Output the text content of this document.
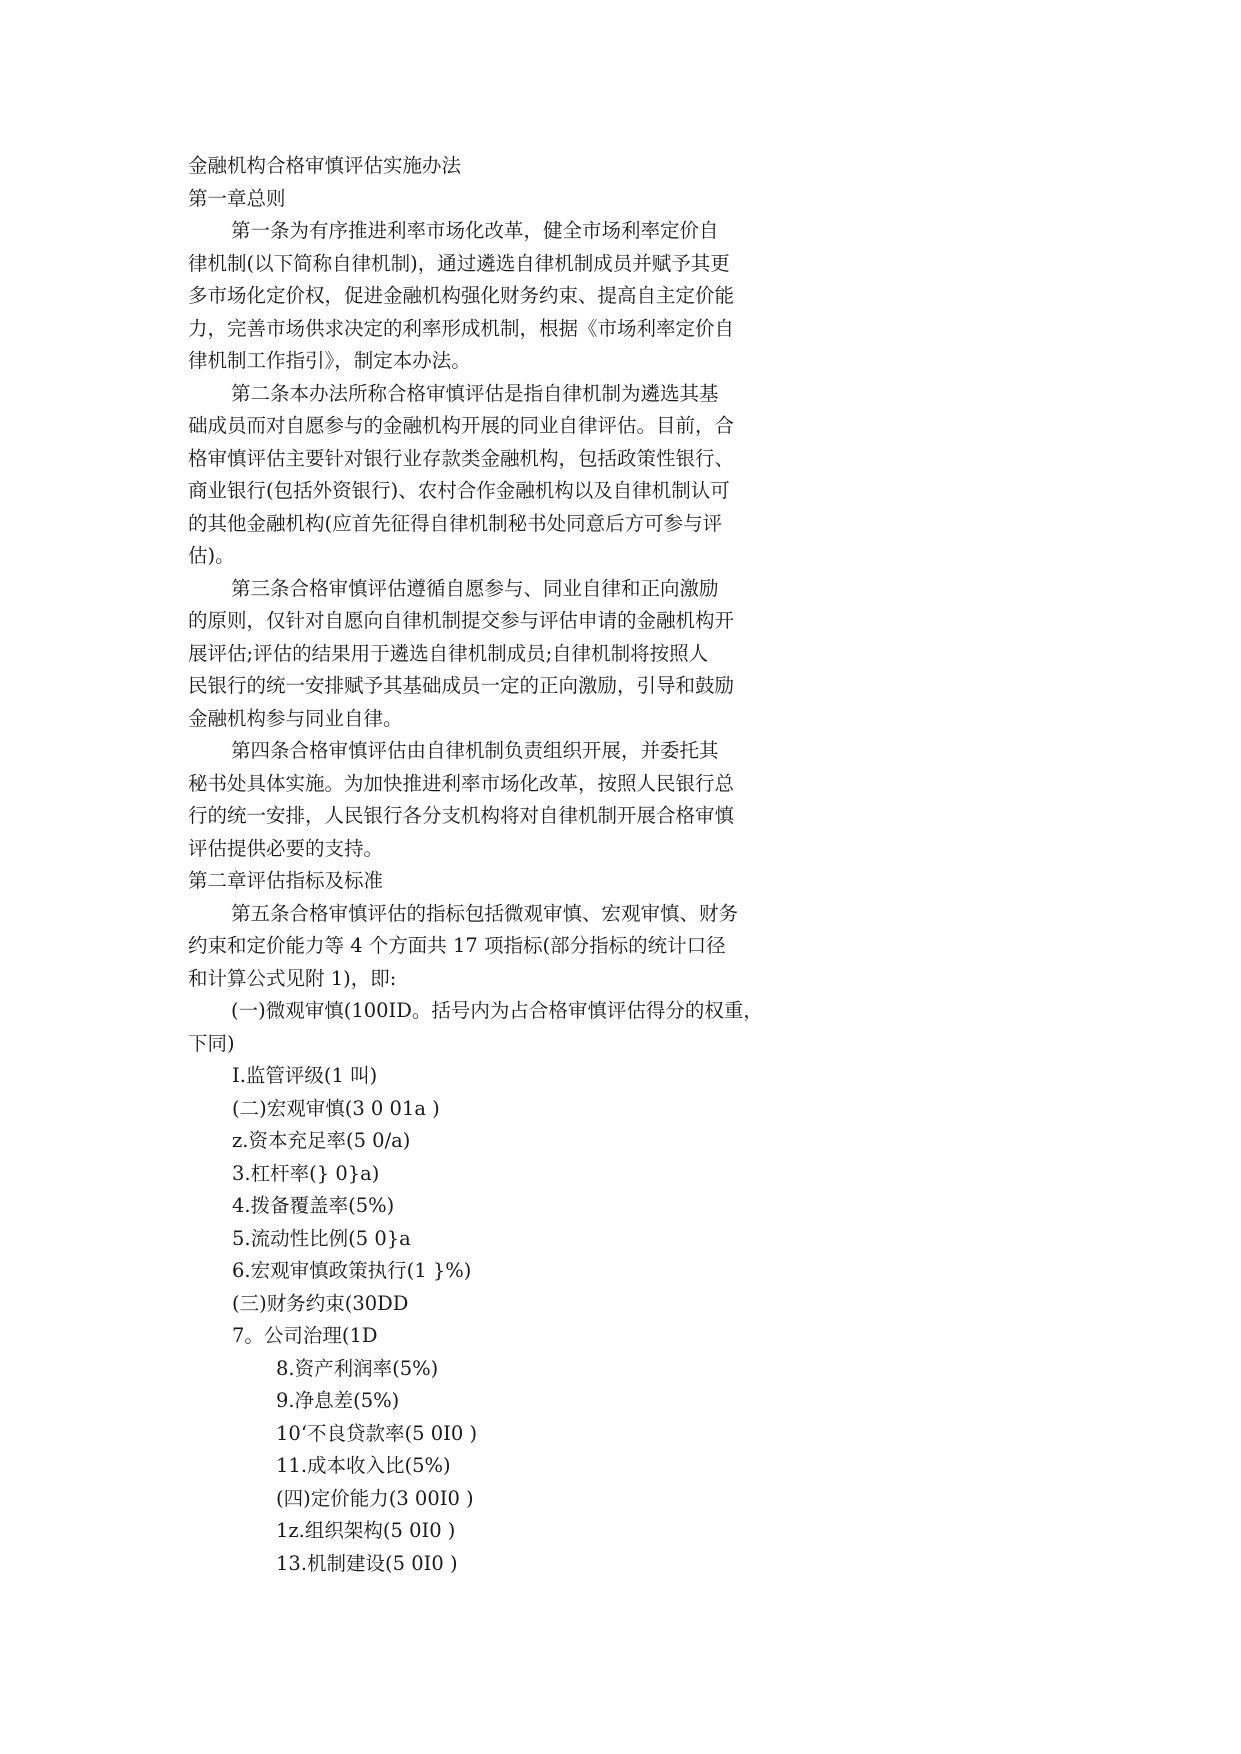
金融机构合格审慎评估实施办法
第一章总则
第一条为有序推进利率市场化改革，健全市场利率定价自
律机制(以下简称自律机制)，通过遴选自律机制成员并赋予其更
多市场化定价权，促进金融机构强化财务约束、提高自主定价能
力，完善市场供求决定的利率形成机制，根据《市场利率定价自
律机制工作指引》，制定本办法。
第二条本办法所称合格审慎评估是指自律机制为遴选其基
础成员而对自愿参与的金融机构开展的同业自律评估。目前，合
格审慎评估主要针对银行业存款类金融机构，包括政策性银行、
商业银行(包括外资银行)、农村合作金融机构以及自律机制认可
的其他金融机构(应首先征得自律机制秘书处同意后方可参与评
估)。
第三条合格审慎评估遵循自愿参与、同业自律和正向激励
的原则，仅针对自愿向自律机制提交参与评估申请的金融机构开
展评估;评估的结果用于遴选自律机制成员;自律机制将按照人
民银行的统一安排赋予其基础成员一定的正向激励，引导和鼓励
金融机构参与同业自律。
第四条合格审慎评估由自律机制负责组织开展，并委托其
秘书处具体实施。为加快推进利率市场化改革，按照人民银行总
行的统一安排，人民银行各分支机构将对自律机制开展合格审慎
评估提供必要的支持。
第二章评估指标及标准
第五条合格审慎评估的指标包括微观审慎、宏观审慎、财务
约束和定价能力等 4 个方面共 17 项指标(部分指标的统计口径
和计算公式见附 1)，即:
(一)微观审慎(100ID。括号内为占合格审慎评估得分的权重，
下同)
I.监管评级(1 叫)
(二)宏观审慎(3 0 01a )
z.资本充足率(5 0/a)
3.杠杆率(} 0}a)
4.拨备覆盖率(5%)
5.流动性比例(5 0}a
6.宏观审慎政策执行(1 }%)
(三)财务约束(30DD
7。公司治理(1D
8.资产利润率(5%)
9.净息差(5%)
10‘不良贷款率(5 0I0 )
11.成本收入比(5%)
(四)定价能力(3 00I0 )
1z.组织架构(5 0I0 )
13.机制建设(5 0I0 )
